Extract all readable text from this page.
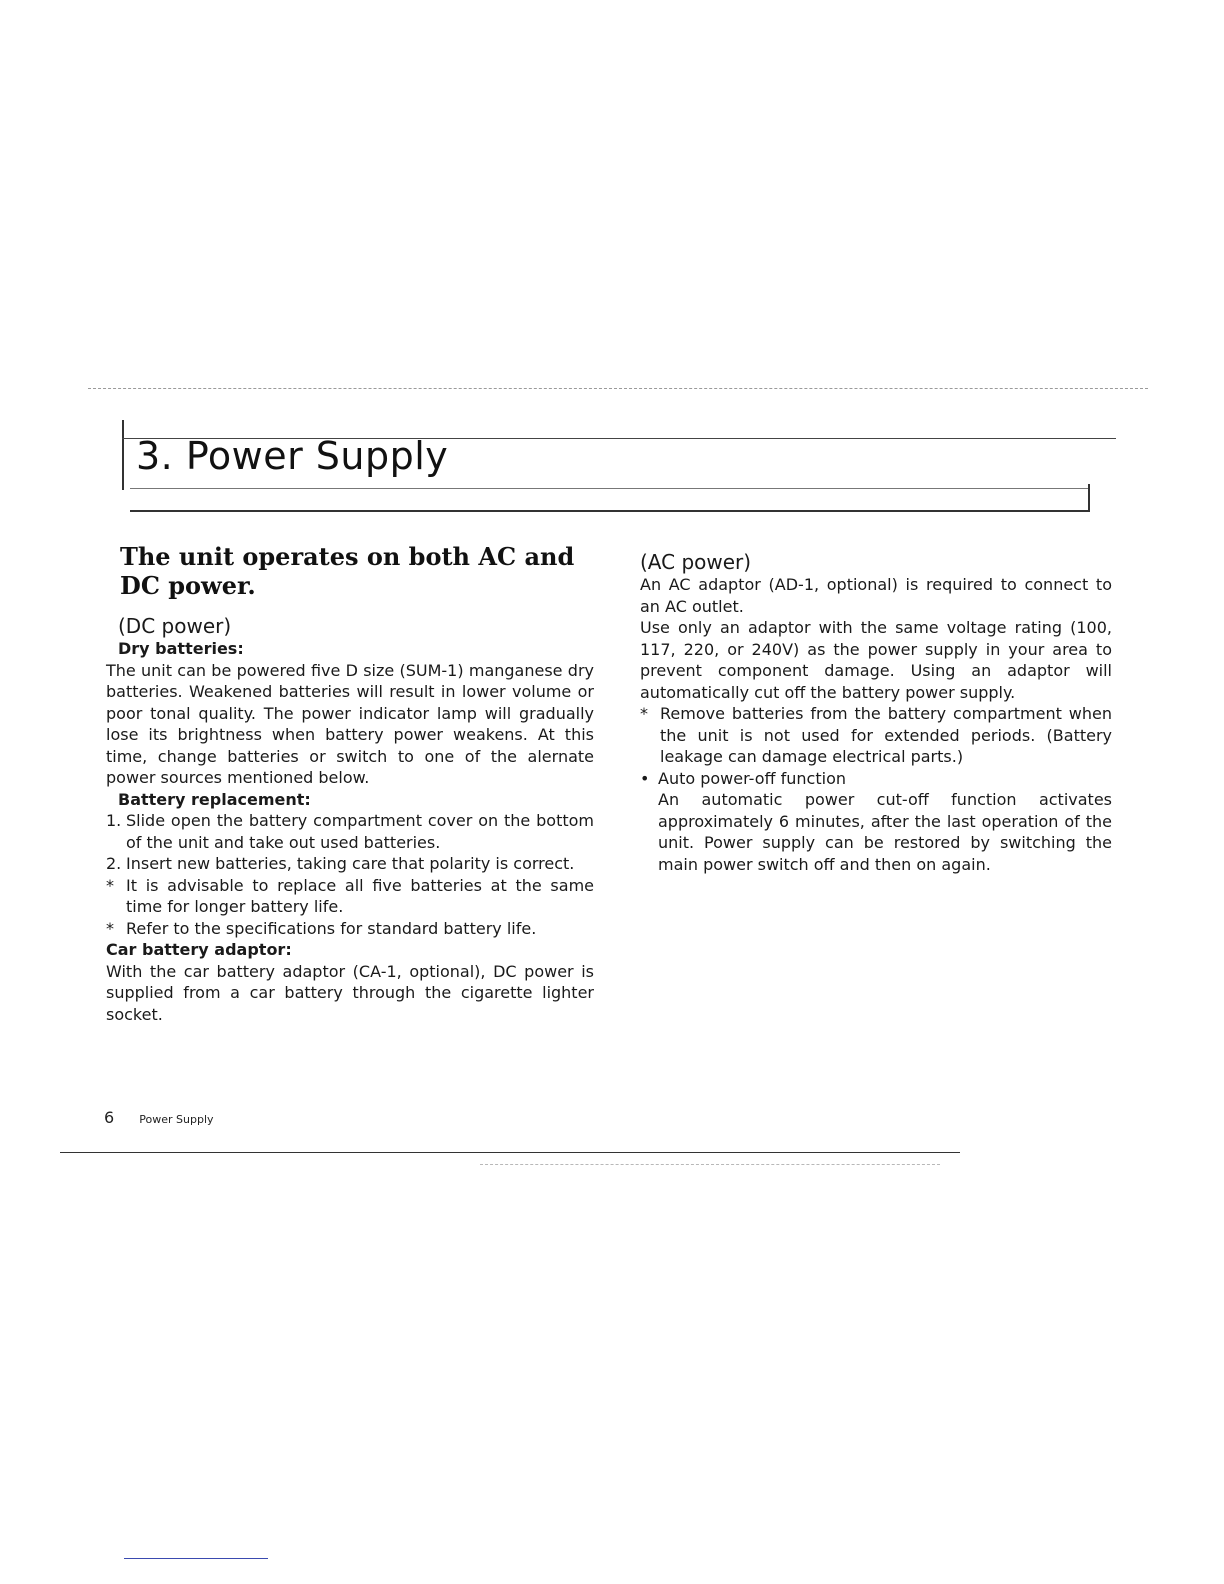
3. Power Supply
The unit operates on both AC and DC power.
(DC power)

Dry batteries:

The unit can be powered five D size (SUM-1) manganese dry batteries. Weakened batteries will result in lower volume or poor tonal quality. The power indicator lamp will gradually lose its brightness when battery power weakens. At this time, change batteries or switch to one of the alernate power sources mentioned below.

Battery replacement:

1. Slide open the battery compartment cover on the bottom of the unit and take out used batteries.
2. Insert new batteries, taking care that polarity is correct.
* It is advisable to replace all five batteries at the same time for longer battery life.
* Refer to the specifications for standard battery life.

Car battery adaptor:

With the car battery adaptor (CA-1, optional), DC power is supplied from a car battery through the cigarette lighter socket.

(AC power)

An AC adaptor (AD-1, optional) is required to connect to an AC outlet.

Use only an adaptor with the same voltage rating (100, 117, 220, or 240V) as the power supply in your area to prevent component damage. Using an adaptor will automatically cut off the battery power supply.

* Remove batteries from the battery compartment when the unit is not used for extended periods. (Battery leakage can damage electrical parts.)
• Auto power-off function
An automatic power cut-off function activates approximately 6 minutes, after the last operation of the unit. Power supply can be restored by switching the main power switch off and then on again.
6 Power Supply
